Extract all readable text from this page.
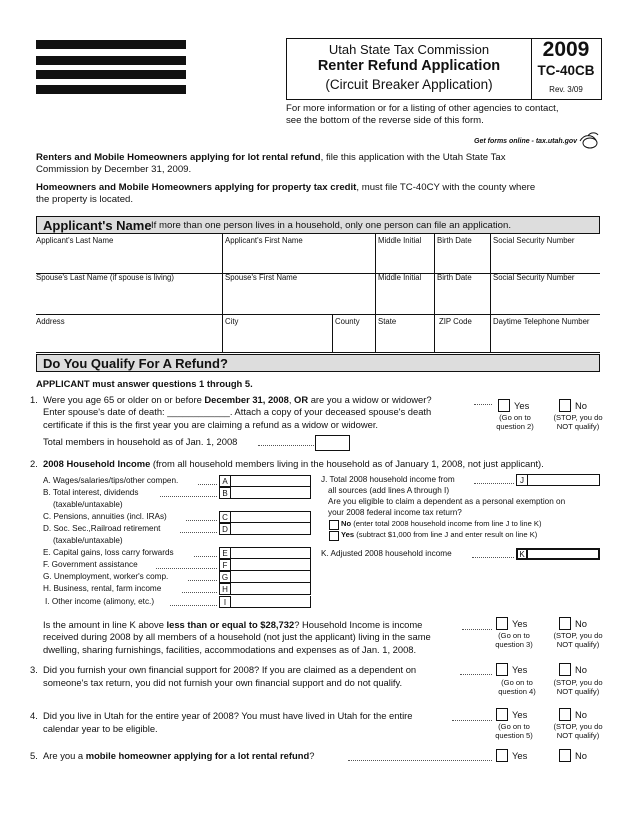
Utah State Tax Commission
Renter Refund Application
(Circuit Breaker Application)
2009
TC-40CB
Rev. 3/09
For more information or for a listing of other agencies to contact,
see the bottom of the reverse side of this form.
Get forms online - tax.utah.gov
Renters and Mobile Homeowners applying for lot rental refund, file this application with the Utah State Tax
Commission by December 31, 2009.
Homeowners and Mobile Homeowners applying for property tax credit, must file TC-40CY with the county where
the property is located.
Applicant's Name If more than one person lives in a household, only one person can file an application.
Applicant's Last Name	Applicant's First Name	Middle Initial Birth Date	Social Security Number
Spouse's Last Name (if spouse is living)	Spouse's First Name	Middle Initial Birth Date	Social Security Number
Address	City	County State	ZIP Code	Daytime Telephone Number
Do You Qualify For A Refund?
APPLICANT must answer questions 1 through 5.
1. Were you age 65 or older on or before December 31, 2008, OR are you a widow or widower?
Enter spouse's date of death: ____________. Attach a copy of your deceased spouse's death
certificate if this is the first year you are claiming a refund as a widow or widower.
Total members in household as of Jan. 1, 2008
Yes
(Go on to question 2)
No
(STOP, you do NOT qualify)
2. 2008 Household Income (from all household members living in the household as of January 1, 2008, not just applicant).
A. Wages/salaries/tips/other compen.	A
B. Total interest, dividends	B
(taxable/untaxable)
C. Pensions, annuities (incl. IRAs)	C
D. Soc. Sec.,Railroad retirement	D
(taxable/untaxable)
E. Capital gains, loss carry forwards	E
F. Government assistance	F
G. Unemployment, worker's comp.	G
H. Business, rental, farm income	H
I. Other income (alimony, etc.)	I
J. Total 2008 household income from	J
all sources (add lines A through I)
Are you eligible to claim a dependent as a personal exemption on
your 2008 federal income tax return?
No (enter total 2008 household income from line J to line K)
Yes (subtract $1,000 from line J and enter result on line K)
K. Adjusted 2008 household income	K
Is the amount in line K above less than or equal to $28,732? Household Income is income
received during 2008 by all members of a household (not just the applicant) living in the same
dwelling, sharing furnishings, facilities, accommodations and expenses as of Jan. 1, 2008.
Yes
(Go on to question 3)
No
(STOP, you do NOT qualify)
3. Did you furnish your own financial support for 2008? If you are claimed as a dependent on
someone's tax return, you did not furnish your own financial support and do not qualify.
Yes
(Go on to question 4)
No
(STOP, you do NOT qualify)
4. Did you live in Utah for the entire year of 2008? You must have lived in Utah for the entire
calendar year to be eligible.
Yes
(Go on to question 5)
No
(STOP, you do NOT qualify)
5. Are you a mobile homeowner applying for a lot rental refund?	Yes	No
